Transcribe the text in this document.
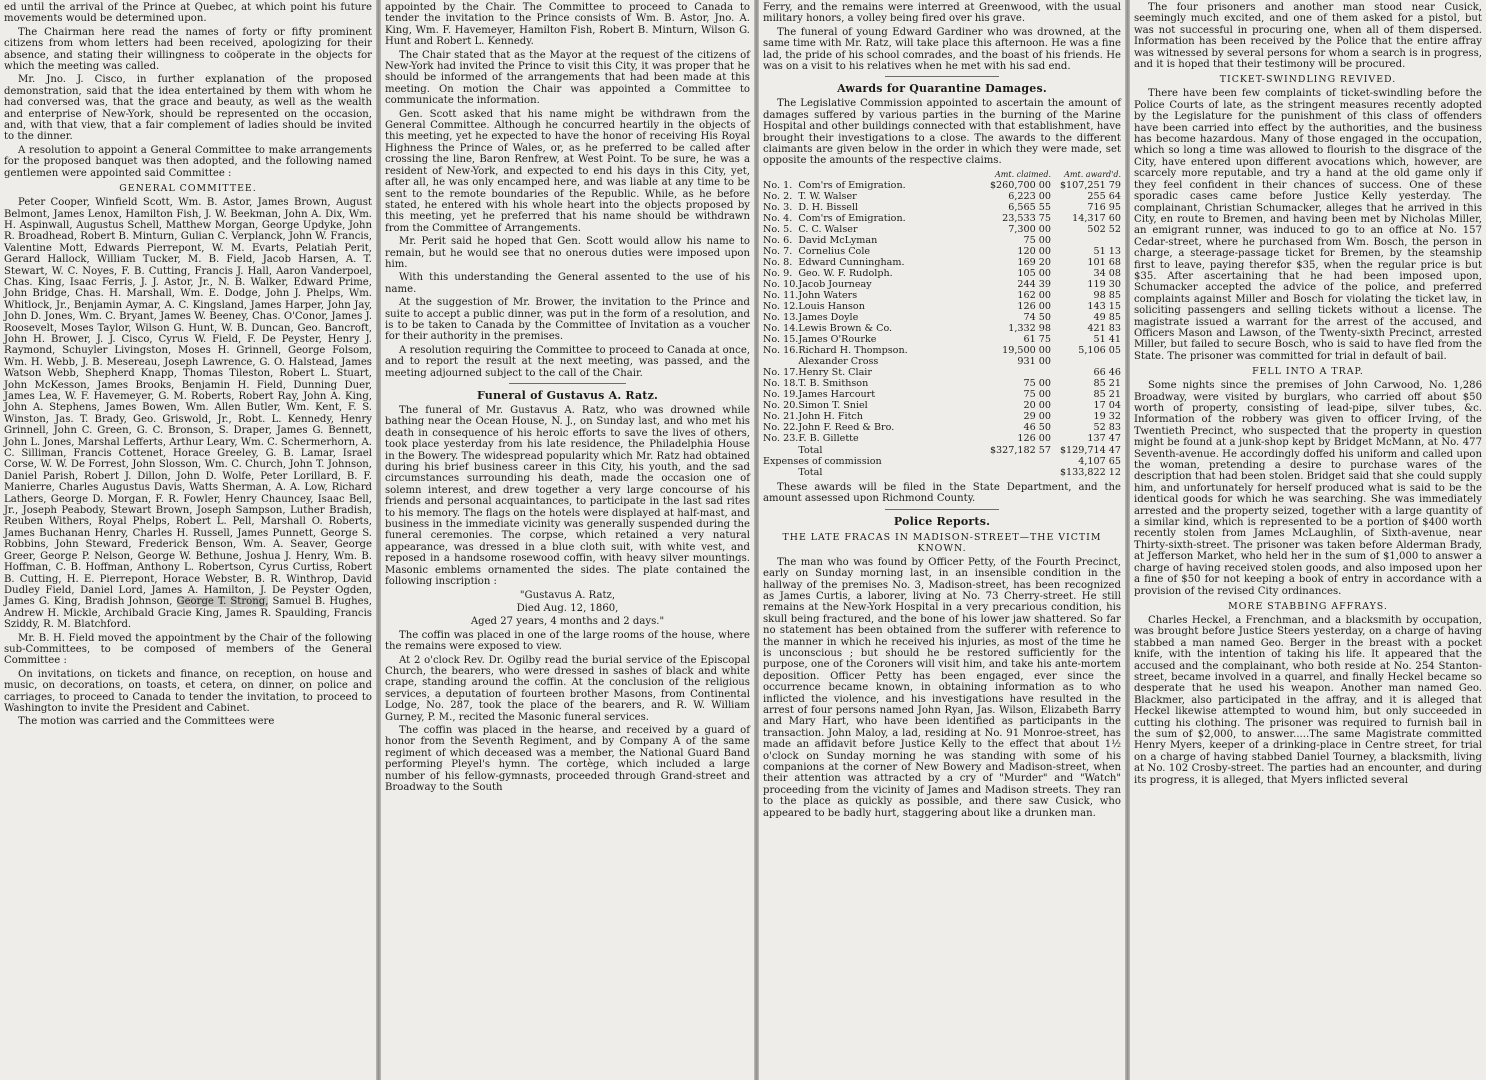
ed until the arrival of the Prince at Quebec, at which point his future movements would be determined upon.

The Chairman here read the names of forty or fifty prominent citizens from whom letters had been received, apologizing for their absence, and stating their willingness to coöperate in the objects for which the meeting was called.

Mr. Jno. J. Cisco, in further explanation of the proposed demonstration, said that the idea entertained by them with whom he had conversed was, that the grace and beauty, as well as the wealth and enterprise of New-York, should be represented on the occasion, and, with that view, that a fair complement of ladies should be invited to the dinner.

A resolution to appoint a General Committee to make arrangements for the proposed banquet was then adopted, and the following named gentlemen were appointed said Committee :

GENERAL COMMITTEE.

Peter Cooper, Winfield Scott, Wm. B. Astor, James Brown, August Belmont, James Lenox, Hamilton Fish, J. W. Beekman, John A. Dix, Wm. H. Aspinwall, Augustus Schell, Matthew Morgan, George Updyke, John R. Broadhead, Robert B. Minturn, Gulian C. Verplanck, John W. Francis, Valentine Mott, Edwards Pierrepont, W. M. Evarts, Pelatiah Perit, Gerard Hallock, William Tucker, M. B. Field, Jacob Harsen, A. T. Stewart, W. C. Noyes, F. B. Cutting, Francis J. Hall, Aaron Vanderpoel, Chas. King, Isaac Ferris, J. J. Astor, Jr., N. B. Walker, Edward Prime, John Bridge, Chas. H. Marshall, Wm. E. Dodge, John J. Phelps, Wm. Whitlock, Jr., Benjamin Aymar, A. C. Kingsland, James Harper, John Jay, John D. Jones, Wm. C. Bryant, James W. Beeney, Chas. O'Conor, James J. Roosevelt, Moses Taylor, Wilson G. Hunt, W. B. Duncan, Geo. Bancroft, John H. Brower, J. J. Cisco, Cyrus W. Field, F. De Peyster, Henry J. Raymond, Schuyler Livingston, Moses H. Grinnell, George Folsom, Wm. H. Webb, J. B. Mesereau, Joseph Lawrence, G. O. Halstead, James Watson Webb, Shepherd Knapp, Thomas Tileston, Robert L. Stuart, John McKesson, James Brooks, Benjamin H. Field, Dunning Duer, James Lea, W. F. Havemeyer, G. M. Roberts, Robert Ray, John A. King, John A. Stephens, James Bowen, Wm. Allen Butler, Wm. Kent, F. S. Winston, Jas. T. Brady, Geo. Griswold, Jr., Robt. L. Kennedy, Henry Grinnell, John C. Green, G. C. Bronson, S. Draper, James G. Bennett, John L. Jones, Marshal Lefferts, Arthur Leary, Wm. C. Schermerhorn, A. C. Silliman, Francis Cottenet, Horace Greeley, G. B. Lamar, Israel Corse, W. W. De Forrest, John Slosson, Wm. C. Church, John T. Johnson, Daniel Parish, Robert J. Dillon, John D. Wolfe, Peter Lorillard, B. F. Manierre, Charles Augustus Davis, Watts Sherman, A. A. Low, Richard Lathers, George D. Morgan, F. R. Fowler, Henry Chauncey, Isaac Bell, Jr., Joseph Peabody, Stewart Brown, Joseph Sampson, Luther Bradish, Reuben Withers, Royal Phelps, Robert L. Pell, Marshall O. Roberts, James Buchanan Henry, Charles H. Russell, James Punnett, George S. Robbins, John Steward, Frederick Benson, Wm. A. Seaver, George Greer, George P. Nelson, George W. Bethune, Joshua J. Henry, Wm. B. Hoffman, C. B. Hoffman, Anthony L. Robertson, Cyrus Curtiss, Robert B. Cutting, H. E. Pierrepont, Horace Webster, B. R. Winthrop, David Dudley Field, Daniel Lord, James A. Hamilton, J. De Peyster Ogden, James G. King, Bradish Johnson, George T. Strong, Samuel B. Hughes, Andrew H. Mickle, Archibald Gracie King, James R. Spaulding, Francis Sziddy, R. M. Blatchford.

Mr. B. H. Field moved the appointment by the Chair of the following sub-Committees, to be composed of members of the General Committee :

On invitations, on tickets and finance, on reception, on house and music, on decorations, on toasts, et cetera, on dinner, on police and carriages, to proceed to Canada to tender the invitation, to proceed to Washington to invite the President and Cabinet.

The motion was carried and the Committees were

appointed by the Chair. The Committee to proceed to Canada to tender the invitation to the Prince consists of Wm. B. Astor, Jno. A. King, Wm. F. Havemeyer, Hamilton Fish, Robert B. Minturn, Wilson G. Hunt and Robert L. Kennedy.

The Chair stated that as the Mayor at the request of the citizens of New-York had invited the Prince to visit this City, it was proper that he should be informed of the arrangements that had been made at this meeting. On motion the Chair was appointed a Committee to communicate the information.

Gen. Scott asked that his name might be withdrawn from the General Committee. Although he concurred heartily in the objects of this meeting, yet he expected to have the honor of receiving His Royal Highness the Prince of Wales, or, as he preferred to be called after crossing the line, Baron Renfrew, at West Point. To be sure, he was a resident of New-York, and expected to end his days in this City, yet, after all, he was only encamped here, and was liable at any time to be sent to the remote boundaries of the Republic. While, as he before stated, he entered with his whole heart into the objects proposed by this meeting, yet he preferred that his name should be withdrawn from the Committee of Arrangements.

Mr. Perit said he hoped that Gen. Scott would allow his name to remain, but he would see that no onerous duties were imposed upon him.

With this understanding the General assented to the use of his name.

At the suggestion of Mr. Brower, the invitation to the Prince and suite to accept a public dinner, was put in the form of a resolution, and is to be taken to Canada by the Committee of Invitation as a voucher for their authority in the premises.

A resolution requiring the Committee to proceed to Canada at once, and to report the result at the next meeting, was passed, and the meeting adjourned subject to the call of the Chair.

Funeral of Gustavus A. Ratz.

The funeral of Mr. Gustavus A. Ratz, who was drowned while bathing near the Ocean House, N. J., on Sunday last, and who met his death in consequence of his heroic efforts to save the lives of others, took place yesterday from his late residence, the Philadelphia House in the Bowery. The widespread popularity which Mr. Ratz had obtained during his brief business career in this City, his youth, and the sad circumstances surrounding his death, made the occasion one of solemn interest, and drew together a very large concourse of his friends and personal acquaintances, to participate in the last sad rites to his memory. The flags on the hotels were displayed at half-mast, and business in the immediate vicinity was generally suspended during the funeral ceremonies. The corpse, which retained a very natural appearance, was dressed in a blue cloth suit, with white vest, and reposed in a handsome rosewood coffin, with heavy silver mountings. Masonic emblems ornamented the sides. The plate contained the following inscription :

"Gustavus A. Ratz,

Died Aug. 12, 1860,

Aged 27 years, 4 months and 2 days."

The coffin was placed in one of the large rooms of the house, where the remains were exposed to view.

At 2 o'clock Rev. Dr. Ogilby read the burial service of the Episcopal Church, the bearers, who were dressed in sashes of black and white crape, standing around the coffin. At the conclusion of the religious services, a deputation of fourteen brother Masons, from Continental Lodge, No. 287, took the place of the bearers, and R. W. William Gurney, P. M., recited the Masonic funeral services.

The coffin was placed in the hearse, and received by a guard of honor from the Seventh Regiment, and by Company A of the same regiment of which deceased was a member, the National Guard Band performing Pleyel's hymn. The cortège, which included a large number of his fellow-gymnasts, proceeded through Grand-street and Broadway to the South

Ferry, and the remains were interred at Greenwood, with the usual military honors, a volley being fired over his grave.

The funeral of young Edward Gardiner who was drowned, at the same time with Mr. Ratz, will take place this afternoon. He was a fine lad, the pride of his school comrades, and the boast of his friends. He was on a visit to his relatives when he met with his sad end.

Awards for Quarantine Damages.

The Legislative Commission appointed to ascertain the amount of damages suffered by various parties in the burning of the Marine Hospital and other buildings connected with that establishment, have brought their investigations to a close. The awards to the different claimants are given below in the order in which they were made, set opposite the amounts of the respective claims.

		Amt. claimed.	Amt. award'd.
No. 1.	Com'rs of Emigration.	$260,700 00	$107,251 79
No. 2.	T. W. Walser	6,223 00	255 64
No. 3.	D. H. Bissell	6,565 55	716 95
No. 4.	Com'rs of Emigration.	23,533 75	14,317 60
No. 5.	C. C. Walser	7,300 00	502 52
No. 6.	David McLyman	75 00	
No. 7.	Cornelius Cole	120 00	51 13
No. 8.	Edward Cunningham.	169 20	101 68
No. 9.	Geo. W. F. Rudolph.	105 00	34 08
No. 10.	Jacob Journeay	244 39	119 30
No. 11.	John Waters	162 00	98 85
No. 12.	Louis Hanson	126 00	143 15
No. 13.	James Doyle	74 50	49 85
No. 14.	Lewis Brown & Co.	1,332 98	421 83
No. 15.	James O'Rourke	61 75	51 41
No. 16.	Richard H. Thompson.	19,500 00	5,106 05
	Alexander Cross	931 00	
No. 17.	Henry St. Clair		66 46
No. 18.	T. B. Smithson	75 00	85 21
No. 19.	James Harcourt	75 00	85 21
No. 20.	Simon T. Sniel	20 00	17 04
No. 21.	John H. Fitch	29 00	19 32
No. 22.	John F. Reed & Bro.	46 50	52 83
No. 23.	F. B. Gillette	126 00	137 47
	Total	$327,182 57	$129,714 47
Expenses of commission			4,107 65
	Total		$133,822 12

These awards will be filed in the State Department, and the amount assessed upon Richmond County.

Police Reports.
THE LATE FRACAS IN MADISON-STREET—THE VICTIM KNOWN.

The man who was found by Officer Petty, of the Fourth Precinct, early on Sunday morning last, in an insensible condition in the hallway of the premises No. 3, Madison-street, has been recognized as James Curtis, a laborer, living at No. 73 Cherry-street. He still remains at the New-York Hospital in a very precarious condition, his skull being fractured, and the bone of his lower jaw shattered. So far no statement has been obtained from the sufferer with reference to the manner in which he received his injuries, as most of the time he is unconscious ; but should he be restored sufficiently for the purpose, one of the Coroners will visit him, and take his ante-mortem deposition. Officer Petty has been engaged, ever since the occurrence became known, in obtaining information as to who inflicted the violence, and his investigations have resulted in the arrest of four persons named John Ryan, Jas. Wilson, Elizabeth Barry and Mary Hart, who have been identified as participants in the transaction. John Maloy, a lad, residing at No. 91 Monroe-street, has made an affidavit before Justice Kelly to the effect that about 1½ o'clock on Sunday morning he was standing with some of his companions at the corner of New Bowery and Madison-street, when their attention was attracted by a cry of "Murder" and "Watch" proceeding from the vicinity of James and Madison streets. They ran to the place as quickly as possible, and there saw Cusick, who appeared to be badly hurt, staggering about like a drunken man.

The four prisoners and another man stood near Cusick, seemingly much excited, and one of them asked for a pistol, but was not successful in procuring one, when all of them dispersed. Information has been received by the Police that the entire affray was witnessed by several persons for whom a search is in progress, and it is hoped that their testimony will be procured.

TICKET-SWINDLING REVIVED.

There have been few complaints of ticket-swindling before the Police Courts of late, as the stringent measures recently adopted by the Legislature for the punishment of this class of offenders have been carried into effect by the authorities, and the business has become hazardous. Many of those engaged in the occupation, which so long a time was allowed to flourish to the disgrace of the City, have entered upon different avocations which, however, are scarcely more reputable, and try a hand at the old game only if they feel confident in their chances of success. One of these sporadic cases came before Justice Kelly yesterday. The complainant, Christian Schumacker, alleges that he arrived in this City, en route to Bremen, and having been met by Nicholas Miller, an emigrant runner, was induced to go to an office at No. 157 Cedar-street, where he purchased from Wm. Bosch, the person in charge, a steerage-passage ticket for Bremen, by the steamship first to leave, paying therefor $35, when the regular price is but $35. After ascertaining that he had been imposed upon, Schumacker accepted the advice of the police, and preferred complaints against Miller and Bosch for violating the ticket law, in soliciting passengers and selling tickets without a license. The magistrate issued a warrant for the arrest of the accused, and Officers Mason and Lawson, of the Twenty-sixth Precinct, arrested Miller, but failed to secure Bosch, who is said to have fled from the State. The prisoner was committed for trial in default of bail.

FELL INTO A TRAP.

Some nights since the premises of John Carwood, No. 1,286 Broadway, were visited by burglars, who carried off about $50 worth of property, consisting of lead-pipe, silver tubes, &c. Information of the robbery was given to officer Irving, of the Twentieth Precinct, who suspected that the property in question might be found at a junk-shop kept by Bridget McMann, at No. 477 Seventh-avenue. He accordingly doffed his uniform and called upon the woman, pretending a desire to purchase wares of the description that had been stolen. Bridget said that she could supply him, and unfortunately for herself produced what is said to be the identical goods for which he was searching. She was immediately arrested and the property seized, together with a large quantity of a similar kind, which is represented to be a portion of $400 worth recently stolen from James McLaughlin, of Sixth-avenue, near Thirty-sixth-street. The prisoner was taken before Alderman Brady, at Jefferson Market, who held her in the sum of $1,000 to answer a charge of having received stolen goods, and also imposed upon her a fine of $50 for not keeping a book of entry in accordance with a provision of the revised City ordinances.

MORE STABBING AFFRAYS.

Charles Heckel, a Frenchman, and a blacksmith by occupation, was brought before Justice Steers yesterday, on a charge of having stabbed a man named Geo. Berger in the breast with a pocket knife, with the intention of taking his life. It appeared that the accused and the complainant, who both reside at No. 254 Stanton-street, became involved in a quarrel, and finally Heckel became so desperate that he used his weapon. Another man named Geo. Blackmer, also participated in the affray, and it is alleged that Heckel likewise attempted to wound him, but only succeeded in cutting his clothing. The prisoner was required to furnish bail in the sum of $2,000, to answer.....The same Magistrate committed Henry Myers, keeper of a drinking-place in Centre street, for trial on a charge of having stabbed Daniel Tourney, a blacksmith, living at No. 102 Crosby-street. The parties had an encounter, and during its progress, it is alleged, that Myers inflicted several
